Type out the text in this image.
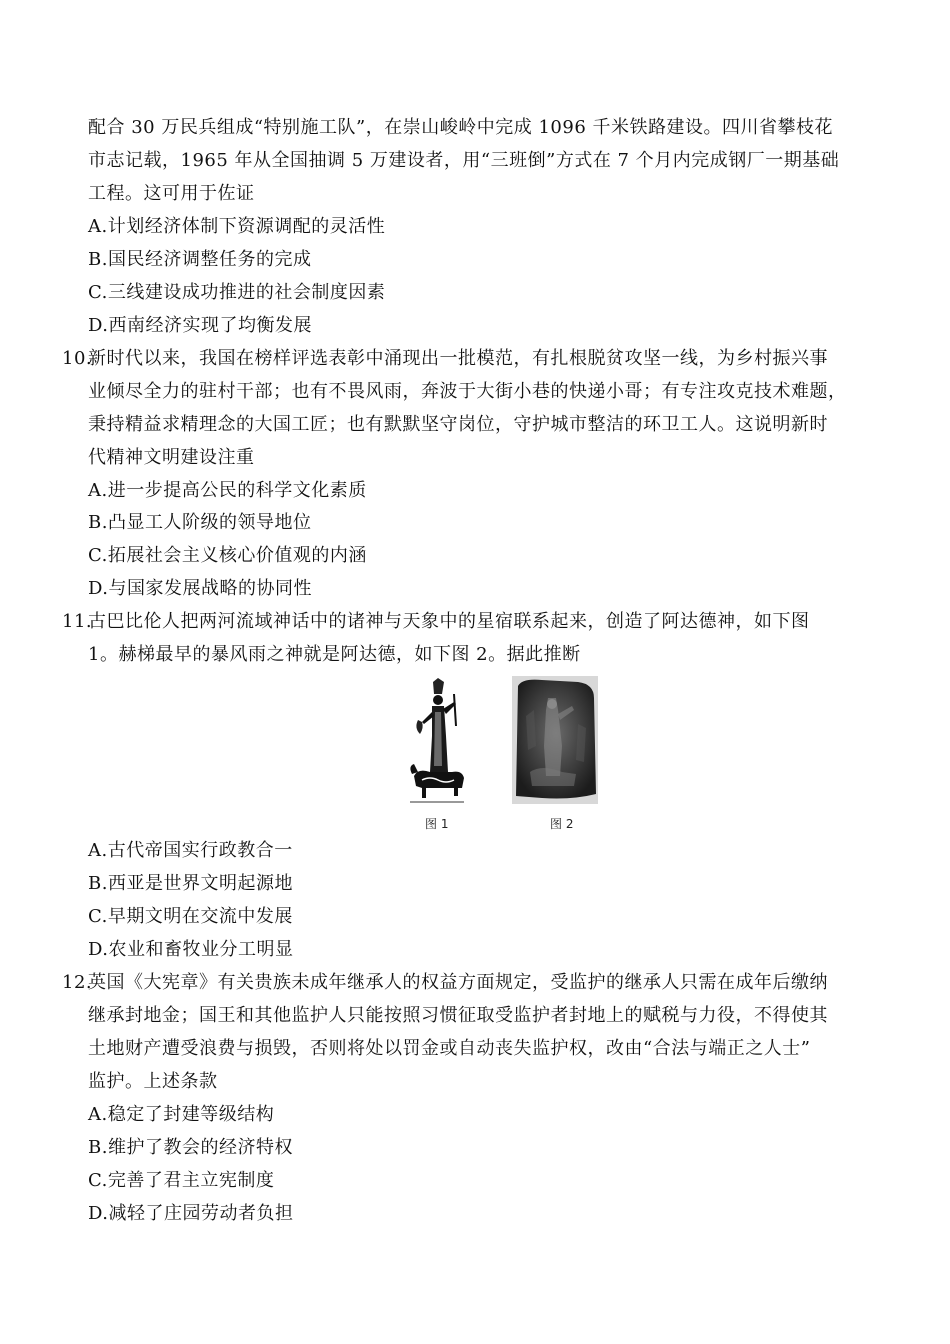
配合 30 万民兵组成“特别施工队”，在崇山峻岭中完成 1096 千米铁路建设。四川省攀枝花
市志记载，1965 年从全国抽调 5 万建设者，用“三班倒”方式在 7 个月内完成钢厂一期基础
工程。这可用于佐证
A.计划经济体制下资源调配的灵活性
B.国民经济调整任务的完成
C.三线建设成功推进的社会制度因素
D.西南经济实现了均衡发展
10.
新时代以来，我国在榜样评选表彰中涌现出一批模范，有扎根脱贫攻坚一线，为乡村振兴事
业倾尽全力的驻村干部；也有不畏风雨，奔波于大街小巷的快递小哥；有专注攻克技术难题，
秉持精益求精理念的大国工匠；也有默默坚守岗位，守护城市整洁的环卫工人。这说明新时
代精神文明建设注重
A.进一步提高公民的科学文化素质
B.凸显工人阶级的领导地位
C.拓展社会主义核心价值观的内涵
D.与国家发展战略的协同性
11.
古巴比伦人把两河流域神话中的诸神与天象中的星宿联系起来，创造了阿达德神，如下图
1。赫梯最早的暴风雨之神就是阿达德，如下图 2。据此推断
图 1	图 2
A.古代帝国实行政教合一
B.西亚是世界文明起源地
C.早期文明在交流中发展
D.农业和畜牧业分工明显
12.
英国《大宪章》有关贵族未成年继承人的权益方面规定，受监护的继承人只需在成年后缴纳
继承封地金；国王和其他监护人只能按照习惯征取受监护者封地上的赋税与力役，不得使其
土地财产遭受浪费与损毁，否则将处以罚金或自动丧失监护权，改由“合法与端正之人士”
监护。上述条款
A.稳定了封建等级结构
B.维护了教会的经济特权
C.完善了君主立宪制度
D.减轻了庄园劳动者负担
